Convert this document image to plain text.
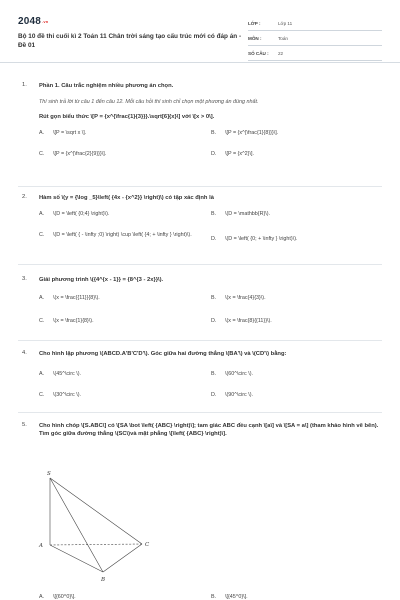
$2048_{.vn}$
Bộ 10 đề thi cuối kì 2 Toán 11 Chân trời sáng tạo cấu trúc mới có đáp án - Đề 01
LỚP :	Lớp 11
MÔN :	Toán
SỐ CÂU :	22
1. Phần 1. Câu trắc nghiệm nhiều phương án chọn.
Thí sinh trả lời từ câu 1 đến câu 12. Mỗi câu hỏi thí sinh chỉ chọn một phương án đúng nhất.
Rút gọn biểu thức \[P = {x^{\frac{1}{3}}}.\sqrt[6]{x}\] với \[x > 0\].
A.	\[P = \sqrt x \].	B.	\[P = {x^{\frac{1}{8}}}\].
C.	\[P = {x^{\frac{2}{9}}}\].	D.	\[P = {x^2}\].
2. Hàm số \(y = {\log _5}\left( {4x - {x^2}} \right)\) có tập xác định là
A.	\(D = \left( {0;4} \right)\).	B.	\(D = \mathbb{R}\).
C.	\(D = \left( { - \infty ;0} \right) \cup \left( {4; + \infty } \right)\).
D.	\(D = \left( {0; + \infty } \right)\).
3. Giải phương trình \({4^{x - 1}} = {8^{3 - 2x}}\).
A.	\(x = \frac{{11}}{8}\).	B.	\(x = \frac{4}{3}\).
C.	\(x = \frac{1}{8}\).	D.	\(x = \frac{8}{{11}}\).
4. Cho hình lập phương \(ABCD.A'B'C'D'\). Góc giữa hai đường thẳng \(BA'\) và \(CD'\) bằng:
A.	\(45^\circ \).	B.	\(60^\circ \).
C.	\(30^\circ \).	D.	\(90^\circ \).
5. Cho hình chóp \[S.ABC\] có \[SA \bot \left( {ABC} \right)\]; tam giác ABC đều cạnh \[a\] và \[SA = a\] (tham khảo hình vẽ bên). Tìm góc giữa đường thẳng \(SC\)và mặt phẳng \[\left( {ABC} \right)\].
S
A
B
C
A.	\[{60^0}\].	B.	\[{45^0}\].
